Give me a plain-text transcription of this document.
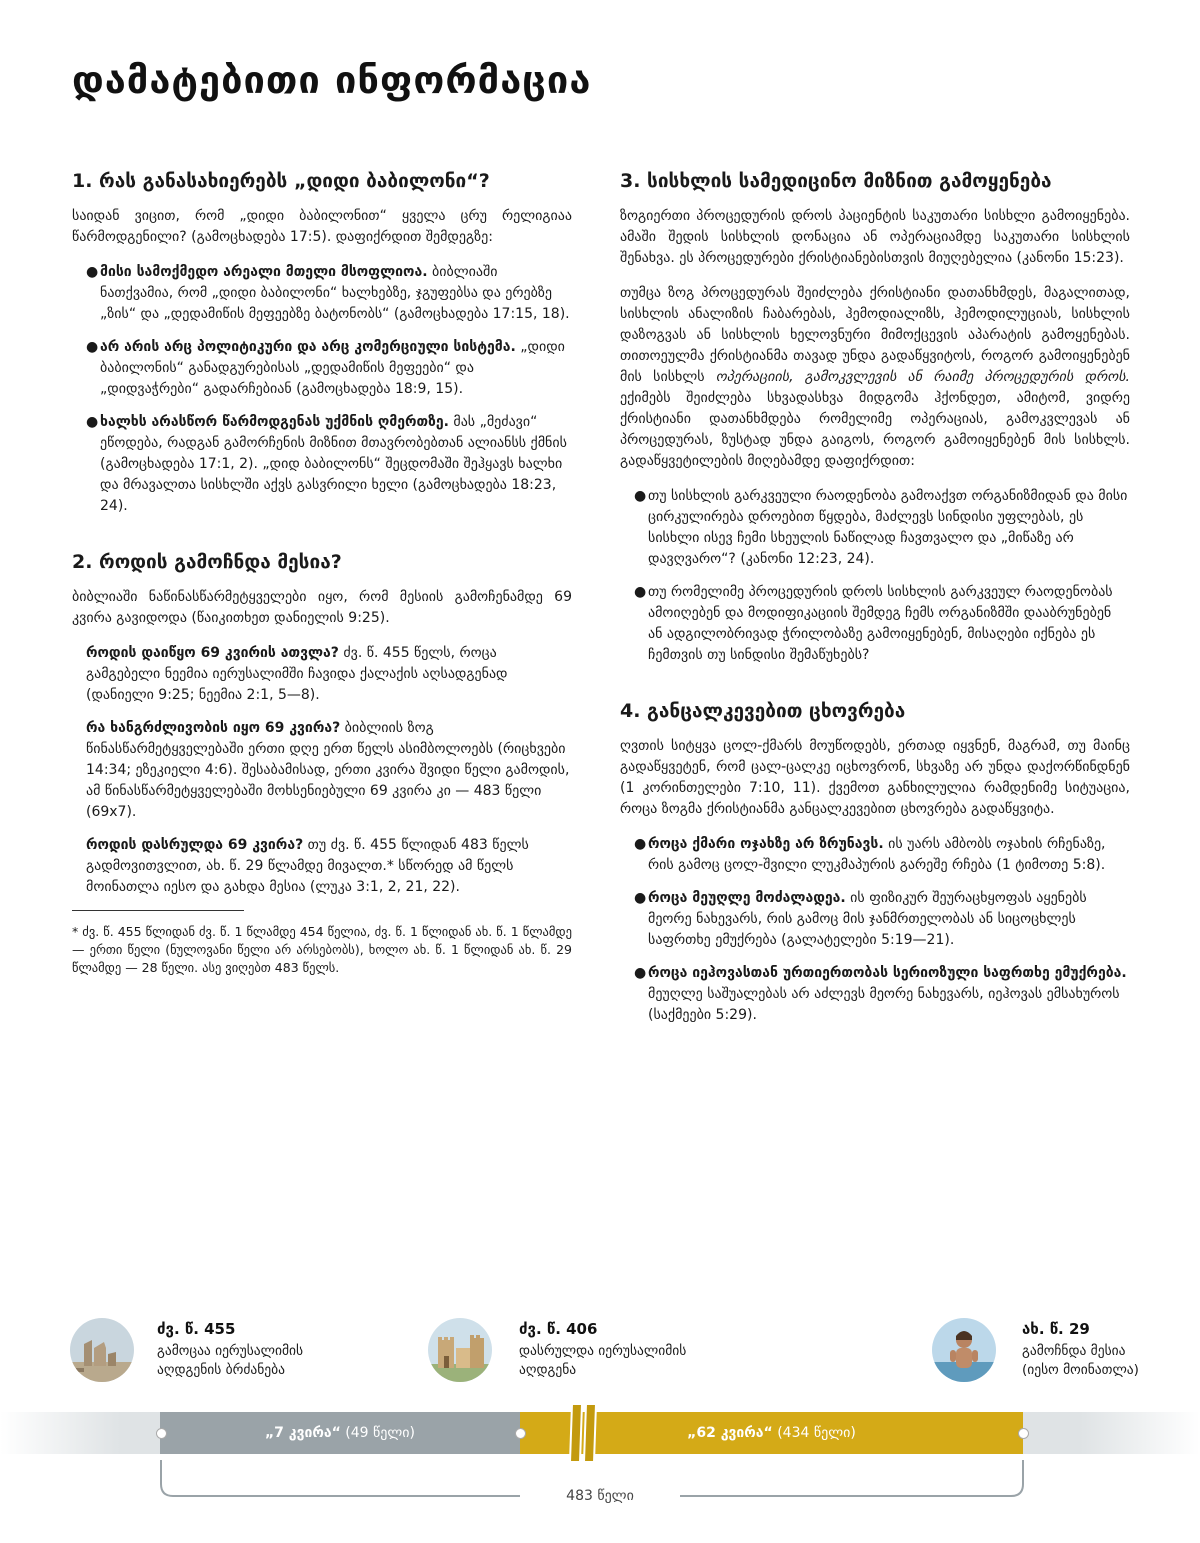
დამატებითი ინფორმაცია
1. რას განასახიერებს „დიდი ბაბილონი“?

საიდან ვიცით, რომ „დიდი ბაბილონით“ ყველა ცრუ რელიგიაა წარმოდგენილი? (გამოცხადება 17:5). დაფიქრდით შემდეგზე:

● მისი სამოქმედო არეალი მთელი მსოფლიოა. ბიბლიაში ნათქვამია, რომ „დიდი ბაბილონი“ ხალხებზე, ჯგუფებსა და ერებზე „ზის“ და „დედამიწის მეფეებზე ბატონობს“ (გამოცხადება 17:15, 18).
● არ არის არც პოლიტიკური და არც კომერციული სისტემა. „დიდი ბაბილონის“ განადგურებისას „დედამიწის მეფეები“ და „დიდვაჭრები“ გადარჩებიან (გამოცხადება 18:9, 15).
● ხალხს არასწორ წარმოდგენას უქმნის ღმერთზე. მას „მეძავი“ ეწოდება, რადგან გამორჩენის მიზნით მთავრობებთან ალიანსს ქმნის (გამოცხადება 17:1, 2). „დიდ ბაბილონს“ შეცდომაში შეჰყავს ხალხი და მრავალთა სისხლში აქვს გასვრილი ხელი (გამოცხადება 18:23, 24).
2. როდის გამოჩნდა მესია?

ბიბლიაში ნაწინასწარმეტყველები იყო, რომ მესიის გამოჩენამდე 69 კვირა გავიდოდა (წაიკითხეთ დანიელის 9:25).

როდის დაიწყო 69 კვირის ათვლა? ძვ. წ. 455 წელს, როცა გამგებელი ნეემია იერუსალიმში ჩავიდა ქალაქის აღსადგენად (დანიელი 9:25; ნეემია 2:1, 5—8).

რა ხანგრძლივობის იყო 69 კვირა? ბიბლიის ზოგ წინასწარმეტყველებაში ერთი დღე ერთ წელს ასიმბოლოებს (რიცხვები 14:34; ეზეკიელი 4:6). შესაბამისად, ერთი კვირა შვიდი წელი გამოდის, ამ წინასწარმეტყველებაში მოხსენიებული 69 კვირა კი — 483 წელი (69x7).

როდის დასრულდა 69 კვირა? თუ ძვ. წ. 455 წლიდან 483 წელს გადმოვითვლით, ახ. წ. 29 წლამდე მივალთ.* სწორედ ამ წელს მოინათლა იესო და გახდა მესია (ლუკა 3:1, 2, 21, 22).

* ძვ. წ. 455 წლიდან ძვ. წ. 1 წლამდე 454 წელია, ძვ. წ. 1 წლიდან ახ. წ. 1 წლამდე — ერთი წელი (ნულოვანი წელი არ არსებობს), ხოლო ახ. წ. 1 წლიდან ახ. წ. 29 წლამდე — 28 წელი. ასე ვიღებთ 483 წელს.

3. სისხლის სამედიცინო მიზნით გამოყენება

ზოგიერთი პროცედურის დროს პაციენტის საკუთარი სისხლი გამოიყენება. ამაში შედის სისხლის დონაცია ან ოპერაციამდე საკუთარი სისხლის შენახვა. ეს პროცედურები ქრისტიანებისთვის მიუღებელია (კანონი 15:23).

თუმცა ზოგ პროცედურას შეიძლება ქრისტიანი დათანხმდეს, მაგალითად, სისხლის ანალიზის ჩაბარებას, ჰემოდიალიზს, ჰემოდილუციას, სისხლის დაზოგვას ან სისხლის ხელოვნური მიმოქცევის აპარატის გამოყენებას. თითოეულმა ქრისტიანმა თავად უნდა გადაწყვიტოს, როგორ გამოიყენებენ მის სისხლს ოპერაციის, გამოკვლევის ან რაიმე პროცედურის დროს. ექიმებს შეიძლება სხვადასხვა მიდგომა ჰქონდეთ, ამიტომ, ვიდრე ქრისტიანი დათანხმდება რომელიმე ოპერაციას, გამოკვლევას ან პროცედურას, ზუსტად უნდა გაიგოს, როგორ გამოიყენებენ მის სისხლს. გადაწყვეტილების მიღებამდე დაფიქრდით:

● თუ სისხლის გარკვეული რაოდენობა გამოაქვთ ორგანიზმიდან და მისი ცირკულირება დროებით წყდება, მაძლევს სინდისი უფლებას, ეს სისხლი ისევ ჩემი სხეულის ნაწილად ჩავთვალო და „მიწაზე არ დავღვარო“? (კანონი 12:23, 24).
● თუ რომელიმე პროცედურის დროს სისხლის გარკვეულ რაოდენობას ამოიღებენ და მოდიფიკაციის შემდეგ ჩემს ორგანიზმში დააბრუნებენ ან ადგილობრივად ჭრილობაზე გამოიყენებენ, მისაღები იქნება ეს ჩემთვის თუ სინდისი შემაწუხებს?
4. განცალკევებით ცხოვრება

ღვთის სიტყვა ცოლ-ქმარს მოუწოდებს, ერთად იყვნენ, მაგრამ, თუ მაინც გადაწყვეტენ, რომ ცალ-ცალკე იცხოვრონ, სხვაზე არ უნდა დაქორწინდნენ (1 კორინთელები 7:10, 11). ქვემოთ განხილულია რამდენიმე სიტუაცია, როცა ზოგმა ქრისტიანმა განცალკევებით ცხოვრება გადაწყვიტა.

● როცა ქმარი ოჯახზე არ ზრუნავს. ის უარს ამბობს ოჯახის რჩენაზე, რის გამოც ცოლ-შვილი ლუკმაპურის გარეშე რჩება (1 ტიმოთე 5:8).
● როცა მეუღლე მოძალადეა. ის ფიზიკურ შეურაცხყოფას აყენებს მეორე ნახევარს, რის გამოც მის ჯანმრთელობას ან სიცოცხლეს საფრთხე ემუქრება (გალატელები 5:19—21).
● როცა იეჰოვასთან ურთიერთობას სერიოზული საფრთხე ემუქრება. მეუღლე საშუალებას არ აძლევს მეორე ნახევარს, იეჰოვას ემსახუროს (საქმეები 5:29).
ძვ. წ. 455
გამოცაა იერუსალიმის
აღდგენის ბრძანება
ძვ. წ. 406
დასრულდა იერუსალიმის
აღდგენა
ახ. წ. 29
გამოჩნდა მესია
(იესო მოინათლა)
„7 კვირა“ (49 წელი)	„62 კვირა“ (434 წელი)
483 წელი
